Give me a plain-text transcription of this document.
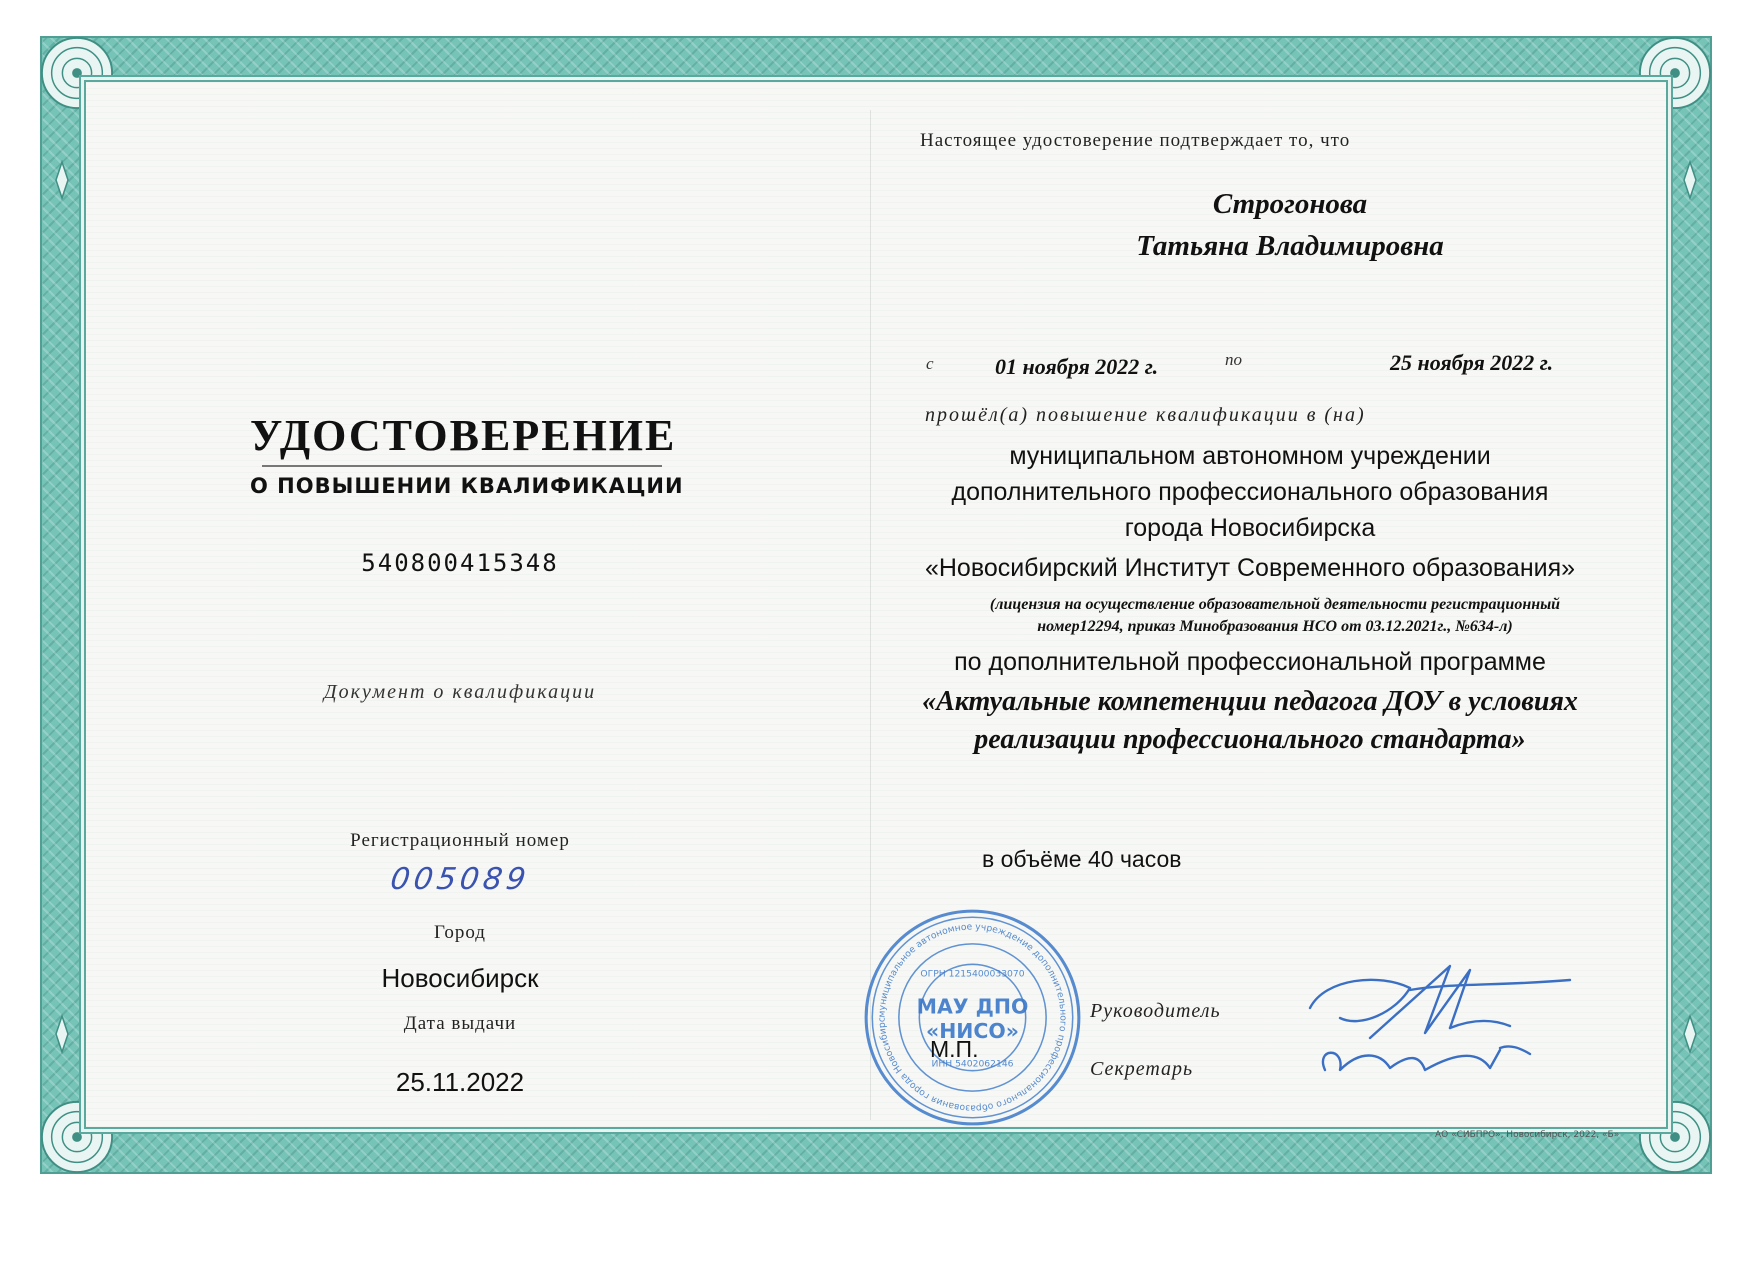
УДОСТОВЕРЕНИЕ
О ПОВЫШЕНИИ КВАЛИФИКАЦИИ
540800415348
Документ о квалификации
Регистрационный номер
005089
Город
Новосибирск
Дата выдачи
25.11.2022
Настоящее удостоверение подтверждает то, что
Строгонова
Татьяна Владимировна
с	01 ноября 2022 г.	по	25 ноября 2022 г.
прошёл(а) повышение квалификации в (на)
муниципальном автономном учреждении
дополнительного профессионального образования
города Новосибирска
«Новосибирский Институт Современного образования»
(лицензия на осуществление образовательной деятельности регистрационный
номер12294, приказ Минобразования НСО от 03.12.2021г., №634-л)
по дополнительной профессиональной программе
«Актуальные компетенции педагога ДОУ в условиях
реализации профессионального стандарта»
в объёме 40 часов
муниципальное автономное учреждение дополнительного профессионального образования города Новосибирс
ОГРН 1215400033070
ИНН 5402062146
МАУ ДПО
«НИСО»
М.П.
Руководитель
Секретарь
АО «СИБПРО», Новосибирск, 2022, «Б»
